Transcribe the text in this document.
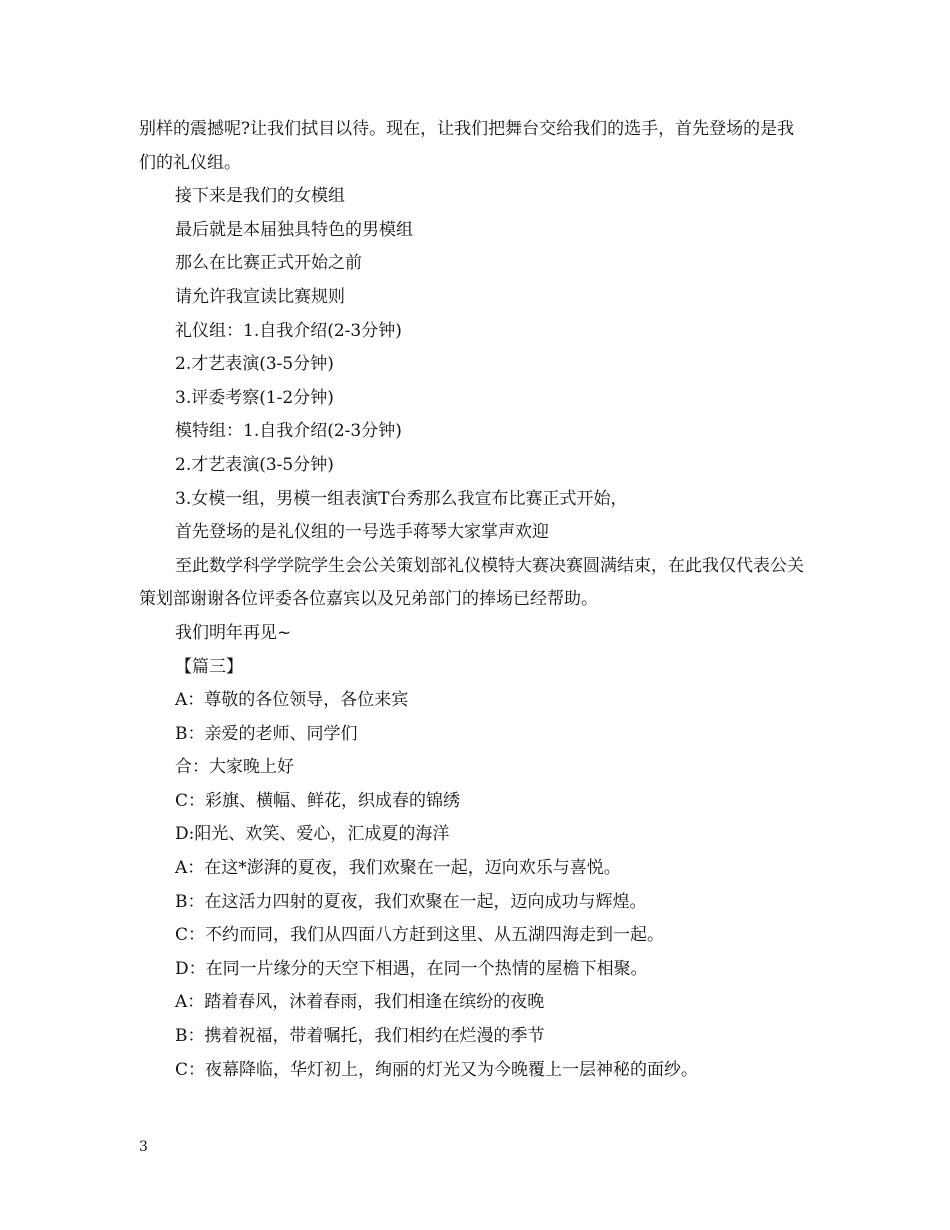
别样的震撼呢?让我们拭目以待。现在，让我们把舞台交给我们的选手，首先登场的是我们的礼仪组。

接下来是我们的女模组

最后就是本届独具特色的男模组

那么在比赛正式开始之前

请允许我宣读比赛规则

礼仪组：1.自我介绍(2-3分钟)

2.才艺表演(3-5分钟)

3.评委考察(1-2分钟)

模特组：1.自我介绍(2-3分钟)

2.才艺表演(3-5分钟)

3.女模一组，男模一组表演T台秀那么我宣布比赛正式开始，

首先登场的是礼仪组的一号选手蒋琴大家掌声欢迎

至此数学科学学院学生会公关策划部礼仪模特大赛决赛圆满结束，在此我仅代表公关策划部谢谢各位评委各位嘉宾以及兄弟部门的捧场已经帮助。

我们明年再见~

【篇三】

A：尊敬的各位领导，各位来宾

B：亲爱的老师、同学们

合：大家晚上好

C：彩旗、横幅、鲜花，织成春的锦绣

D:阳光、欢笑、爱心，汇成夏的海洋

A：在这*澎湃的夏夜，我们欢聚在一起，迈向欢乐与喜悦。

B：在这活力四射的夏夜，我们欢聚在一起，迈向成功与辉煌。

C：不约而同，我们从四面八方赶到这里、从五湖四海走到一起。

D：在同一片缘分的天空下相遇，在同一个热情的屋檐下相聚。

A：踏着春风，沐着春雨，我们相逢在缤纷的夜晚

B：携着祝福，带着嘱托，我们相约在烂漫的季节

C：夜幕降临，华灯初上，绚丽的灯光又为今晚覆上一层神秘的面纱。

3
